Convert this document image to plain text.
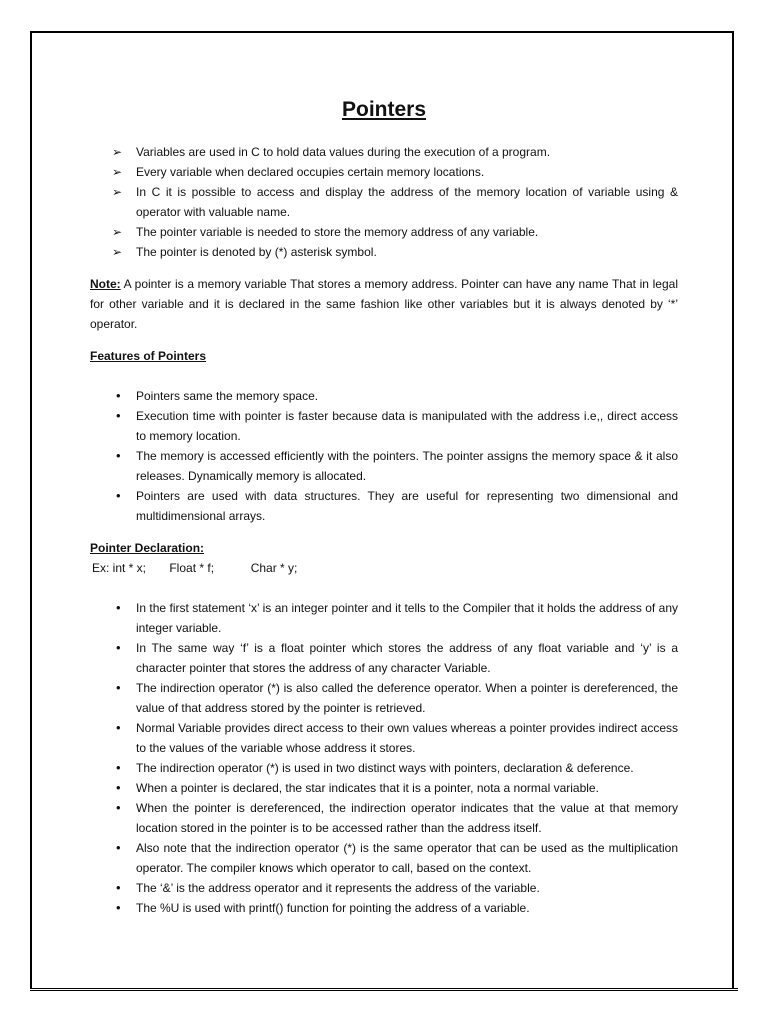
Pointers
➢ Variables are used in C to hold data values during the execution of a program.
➢ Every variable when declared occupies certain memory locations.
➢ In C it is possible to access and display the address of the memory location of variable using & operator with valuable name.
➢ The pointer variable is needed to store the memory address of any variable.
➢ The pointer is denoted by (*) asterisk symbol.
Note: A pointer is a memory variable That stores a memory address. Pointer can have any name That in legal for other variable and it is declared in the same fashion like other variables but it is always denoted by ‘*’ operator.
Features of Pointers
• Pointers same the memory space.
• Execution time with pointer is faster because data is manipulated with the address i.e,, direct access to memory location.
• The memory is accessed efficiently with the pointers. The pointer assigns the memory space & it also releases. Dynamically memory is allocated.
• Pointers are used with data structures. They are useful for representing two dimensional and multidimensional arrays.
Pointer Declaration:
Ex: int * x;       Float * f;           Char * y;
• In the first statement ‘x’ is an integer pointer and it tells to the Compiler that it holds the address of any integer variable.
• In The same way ‘f’ is a float pointer which stores the address of any float variable and ‘y’ is a character pointer that stores the address of any character Variable.
• The indirection operator (*) is also called the deference operator. When a pointer is dereferenced, the value of that address stored by the pointer is retrieved.
• Normal Variable provides direct access to their own values whereas a pointer provides indirect access to the values of the variable whose address it stores.
• The indirection operator (*) is used in two distinct ways with pointers, declaration & deference.
• When a pointer is declared, the star indicates that it is a pointer, nota a normal variable.
• When the pointer is dereferenced, the indirection operator indicates that the value at that memory location stored in the pointer is to be accessed rather than the address itself.
• Also note that the indirection operator (*) is the same operator that can be used as the multiplication operator. The compiler knows which operator to call, based on the context.
• The ‘&’ is the address operator and it represents the address of the variable.
• The %U is used with printf() function for pointing the address of a variable.
